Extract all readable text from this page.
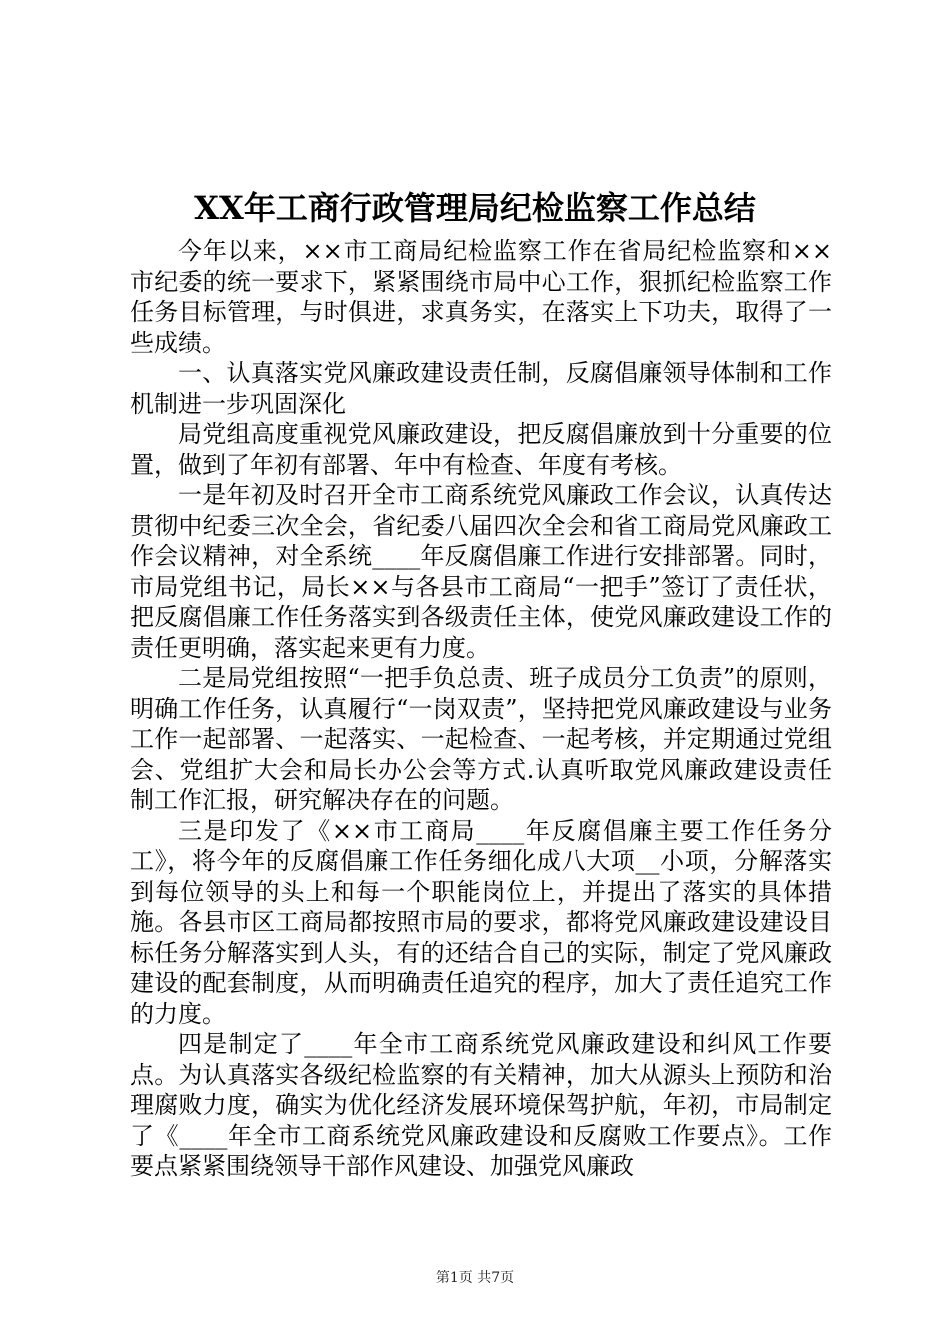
XX年工商行政管理局纪检监察工作总结

今年以来，××市工商局纪检监察工作在省局纪检监察和××市纪委的统一要求下，紧紧围绕市局中心工作，狠抓纪检监察工作任务目标管理，与时俱进，求真务实，在落实上下功夫，取得了一些成绩。

一、认真落实党风廉政建设责任制，反腐倡廉领导体制和工作机制进一步巩固深化

局党组高度重视党风廉政建设，把反腐倡廉放到十分重要的位置，做到了年初有部署、年中有检查、年度有考核。

一是年初及时召开全市工商系统党风廉政工作会议，认真传达贯彻中纪委三次全会，省纪委八届四次全会和省工商局党风廉政工作会议精神，对全系统____年反腐倡廉工作进行安排部署。同时，市局党组书记，局长××与各县市工商局“一把手”签订了责任状，把反腐倡廉工作任务落实到各级责任主体，使党风廉政建设工作的责任更明确，落实起来更有力度。

二是局党组按照“一把手负总责、班子成员分工负责”的原则，明确工作任务，认真履行“一岗双责”，坚持把党风廉政建设与业务工作一起部署、一起落实、一起检查、一起考核，并定期通过党组会、党组扩大会和局长办公会等方式.认真听取党风廉政建设责任制工作汇报，研究解决存在的问题。

三是印发了《××市工商局____年反腐倡廉主要工作任务分工》，将今年的反腐倡廉工作任务细化成八大项__小项，分解落实到每位领导的头上和每一个职能岗位上，并提出了落实的具体措施。各县市区工商局都按照市局的要求，都将党风廉政建设建设目标任务分解落实到人头，有的还结合自己的实际，制定了党风廉政建设的配套制度，从而明确责任追究的程序，加大了责任追究工作的力度。

四是制定了____年全市工商系统党风廉政建设和纠风工作要点。为认真落实各级纪检监察的有关精神，加大从源头上预防和治理腐败力度，确实为优化经济发展环境保驾护航，年初，市局制定了《____年全市工商系统党风廉政建设和反腐败工作要点》。工作要点紧紧围绕领导干部作风建设、加强党风廉政

第1页 共7页
